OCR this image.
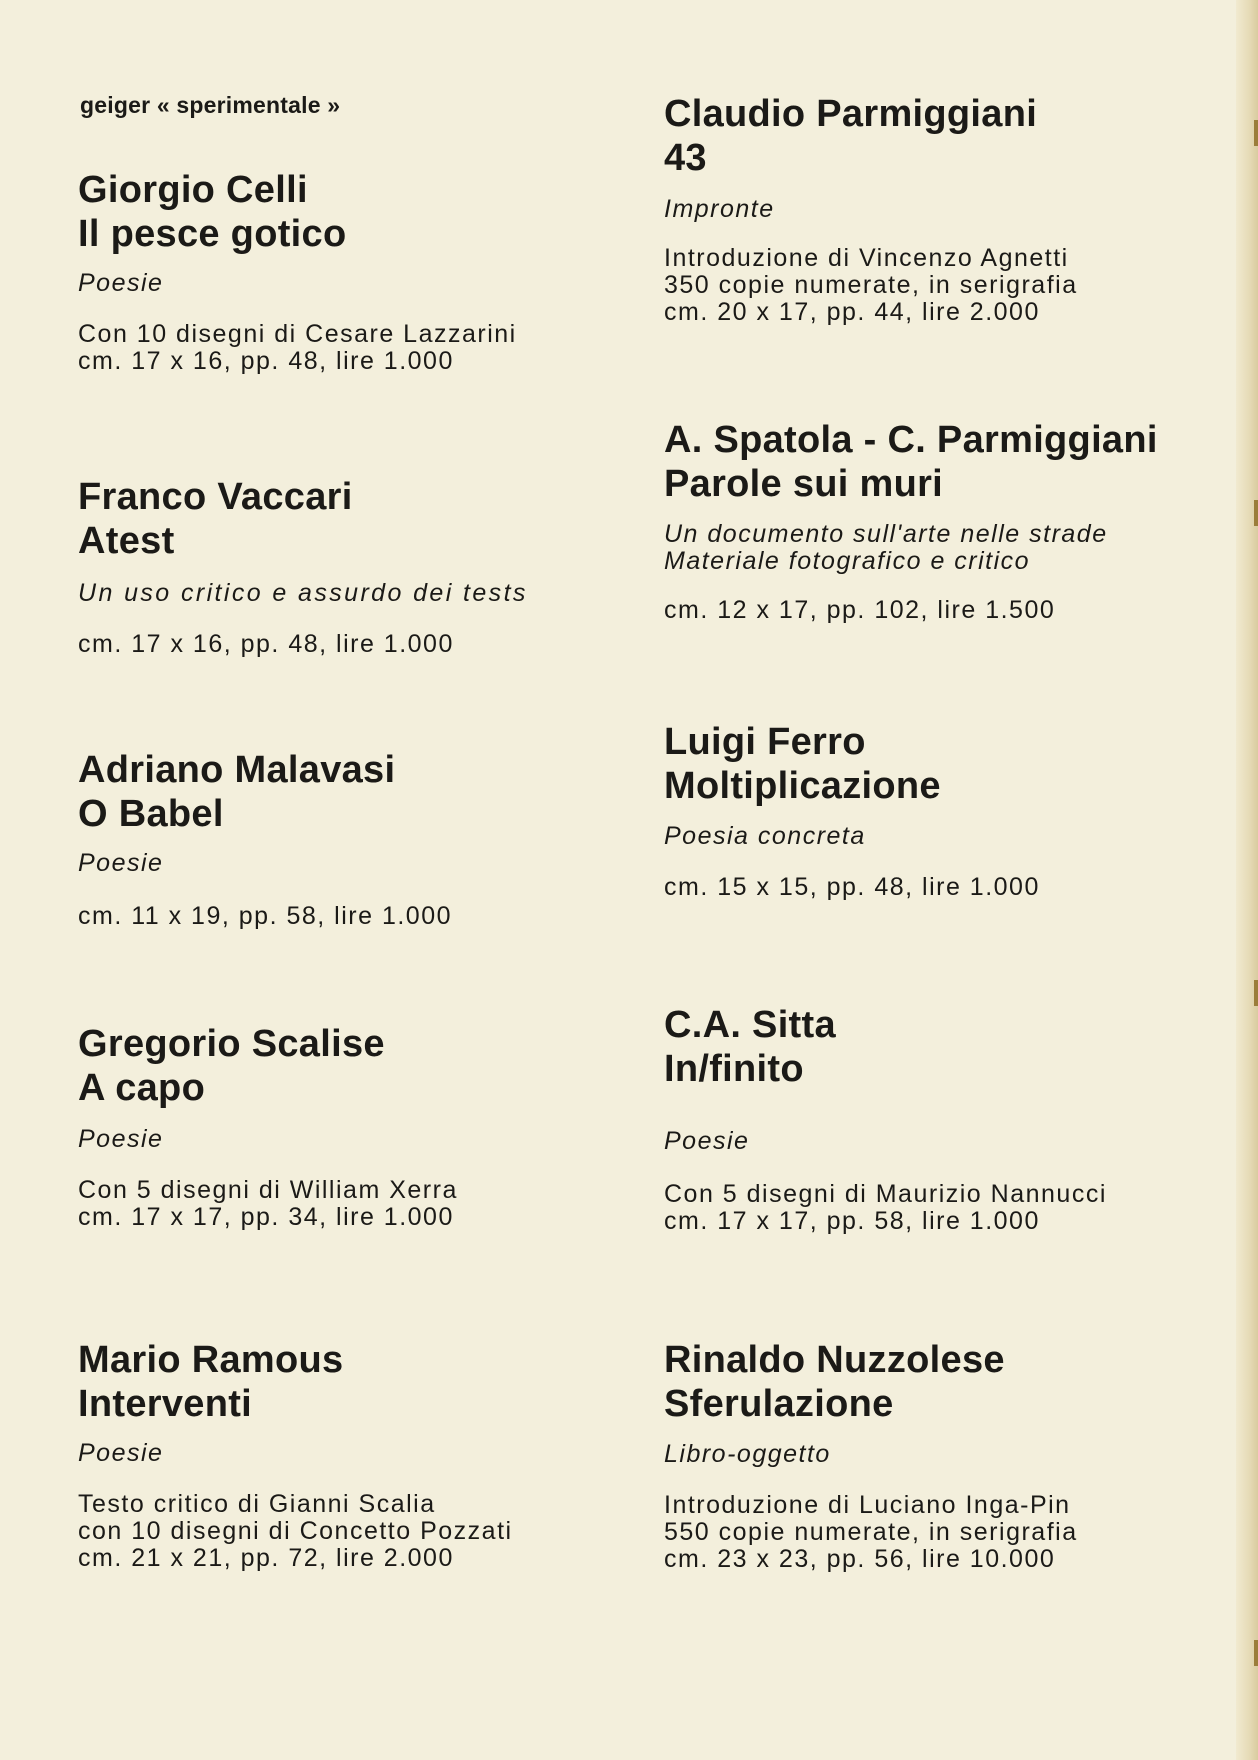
geiger « sperimentale »
Giorgio Celli
Il pesce gotico
Poesie
Con 10 disegni di Cesare Lazzarini
cm. 17 x 16, pp. 48, lire 1.000
Franco Vaccari
Atest
Un uso critico e assurdo dei tests
cm. 17 x 16, pp. 48, lire 1.000
Adriano Malavasi
O Babel
Poesie
cm. 11 x 19, pp. 58, lire 1.000
Gregorio Scalise
A capo
Poesie
Con 5 disegni di William Xerra
cm. 17 x 17, pp. 34, lire 1.000
Mario Ramous
Interventi
Poesie
Testo critico di Gianni Scalia
con 10 disegni di Concetto Pozzati
cm. 21 x 21, pp. 72, lire 2.000
Claudio Parmiggiani
43
Impronte
Introduzione di Vincenzo Agnetti
350 copie numerate, in serigrafia
cm. 20 x 17, pp. 44, lire 2.000
A. Spatola - C. Parmiggiani
Parole sui muri
Un documento sull'arte nelle strade
Materiale fotografico e critico
cm. 12 x 17, pp. 102, lire 1.500
Luigi Ferro
Moltiplicazione
Poesia concreta
cm. 15 x 15, pp. 48, lire 1.000
C.A. Sitta
In/finito
Poesie
Con 5 disegni di Maurizio Nannucci
cm. 17 x 17, pp. 58, lire 1.000
Rinaldo Nuzzolese
Sferulazione
Libro-oggetto
Introduzione di Luciano Inga-Pin
550 copie numerate, in serigrafia
cm. 23 x 23, pp. 56, lire 10.000
